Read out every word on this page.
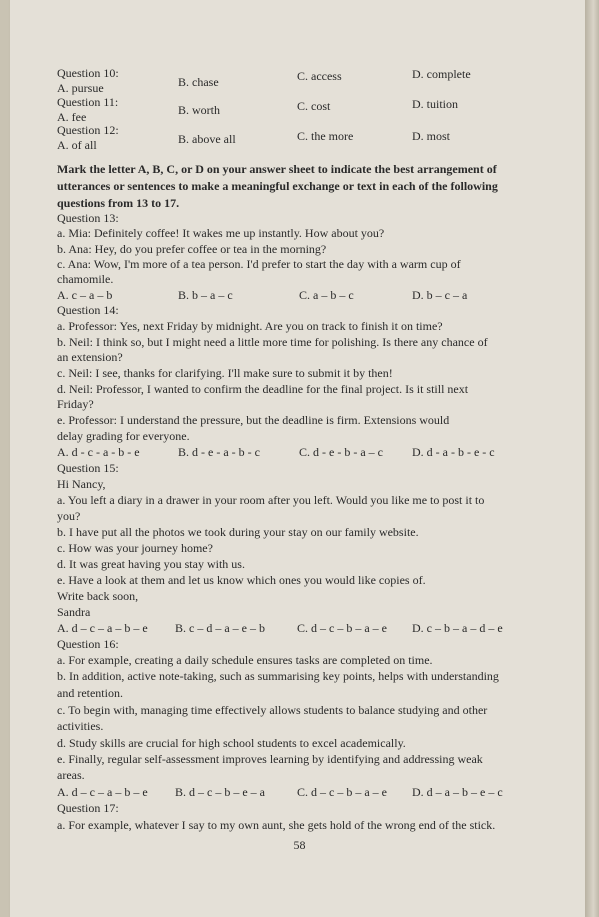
Question 10:
A. pursue	B. chase	C. access	D. complete
Question 11:
A. fee	B. worth	C. cost	D. tuition
Question 12:
A. of all	B. above all	C. the more	D. most
Mark the letter A, B, C, or D on your answer sheet to indicate the best arrangement of
utterances or sentences to make a meaningful exchange or text in each of the following
questions from 13 to 17.
Question 13:
a. Mia: Definitely coffee! It wakes me up instantly. How about you?
b. Ana: Hey, do you prefer coffee or tea in the morning?
c. Ana: Wow, I'm more of a tea person. I'd prefer to start the day with a warm cup of
chamomile.
A. c – a – b	B. b – a – c	C. a – b – c	D. b – c – a
Question 14:
a. Professor: Yes, next Friday by midnight. Are you on track to finish it on time?
b. Neil: I think so, but I might need a little more time for polishing. Is there any chance of
an extension?
c. Neil: I see, thanks for clarifying. I'll make sure to submit it by then!
d. Neil: Professor, I wanted to confirm the deadline for the final project. Is it still next
Friday?
e. Professor: I understand the pressure, but the deadline is firm. Extensions would
delay grading for everyone.
A. d - c - a - b - e	B. d - e - a - b - c	C. d - e - b - a – c D. d - a - b - e - c
Question 15:
Hi Nancy,
a. You left a diary in a drawer in your room after you left. Would you like me to post it to
you?
b. I have put all the photos we took during your stay on our family website.
c. How was your journey home?
d. It was great having you stay with us.
e. Have a look at them and let us know which ones you would like copies of.
Write back soon,
Sandra
A. d – c – a – b – e B. c – d – a – e – b	C. d – c – b – a – e D. c – b – a – d – e
Question 16:
a. For example, creating a daily schedule ensures tasks are completed on time.
b. In addition, active note-taking, such as summarising key points, helps with understanding
and retention.
c. To begin with, managing time effectively allows students to balance studying and other
activities.
d. Study skills are crucial for high school students to excel academically.
e. Finally, regular self-assessment improves learning by identifying and addressing weak
areas.
A. d – c – a – b – e B. d – c – b – e – a	C. d – c – b – a – e D. d – a – b – e – c
Question 17:
a. For example, whatever I say to my own aunt, she gets hold of the wrong end of the stick.
58
